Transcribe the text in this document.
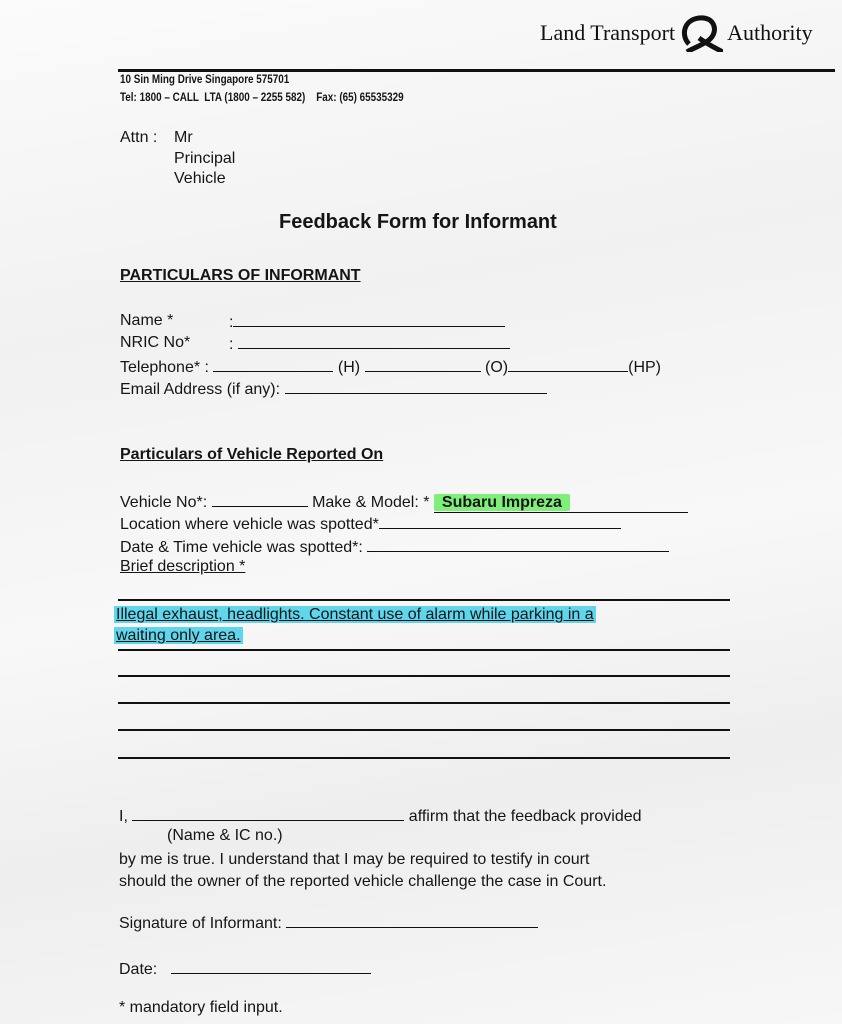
Land Transport Authority
10 Sin Ming Drive Singapore 575701
Tel: 1800 – CALL  LTA (1800 – 2255 582)    Fax: (65) 65535329
Attn : Mr
Principal
Vehicle
Feedback Form for Informant
PARTICULARS OF INFORMANT
Name *	:
NRIC No* :
Telephone* :	(H)	(O)	(HP)
Email Address (if any):
Particulars of Vehicle Reported On
Vehicle No*:	Make & Model: * Subaru Impreza
Location where vehicle was spotted*
Date & Time vehicle was spotted*:
Brief description *
Illegal exhaust, headlights. Constant use of alarm while parking in a
waiting only area.
I,	affirm that the feedback provided
(Name & IC no.)
by me is true. I understand that I may be required to testify in court
should the owner of the reported vehicle challenge the case in Court.
Signature of Informant:
Date:
* mandatory field input.
